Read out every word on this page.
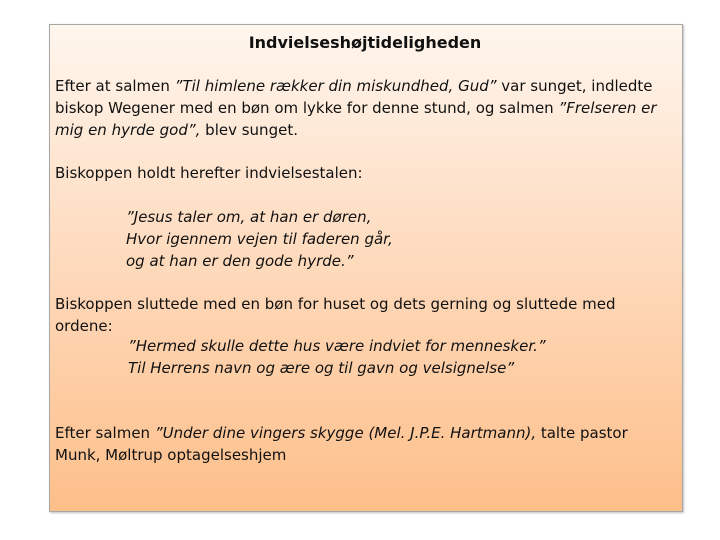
Indvielseshøjtideligheden

Efter at salmen ”Til himlene rækker din miskundhed, Gud” var sunget, indledte biskop Wegener med en bøn om lykke for denne stund, og salmen ”Frelseren er mig en hyrde god”, blev sunget.

Biskoppen holdt herefter indvielsestalen:

”Jesus taler om, at han er døren,
Hvor igennem vejen til faderen går,
og at han er den gode hyrde.”

Biskoppen sluttede med en bøn for huset og dets gerning og sluttede med ordene:

”Hermed skulle dette hus være indviet for mennesker.”
Til Herrens navn og ære og til gavn og velsignelse”

Efter salmen ”Under dine vingers skygge (Mel. J.P.E. Hartmann), talte pastor Munk, Møltrup optagelseshjem
